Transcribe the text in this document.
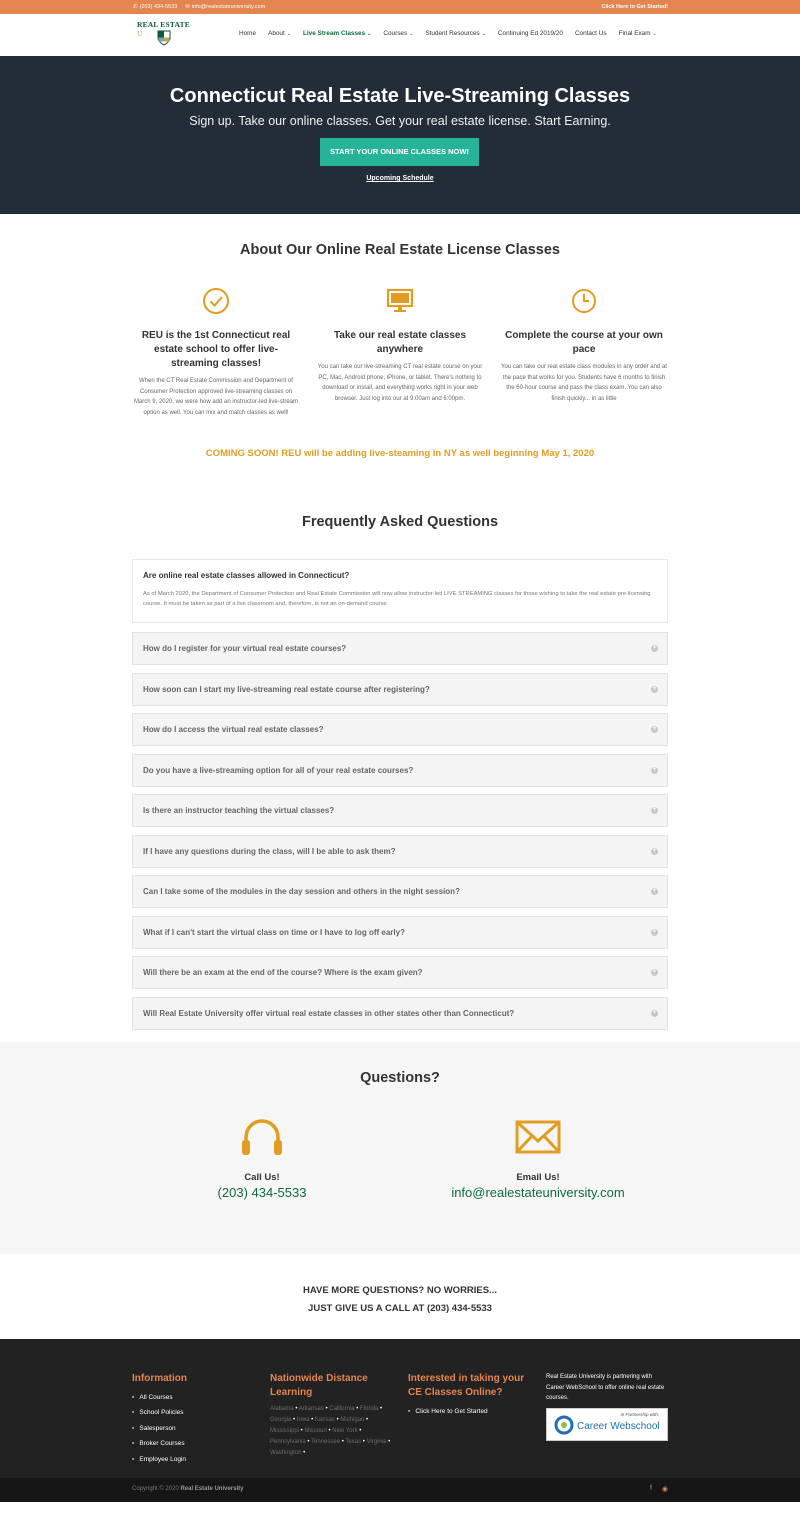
✆ (203) 434-5533 ✉ info@realestateuniversity.com	Click Here to Get Started!
REAL ESTATE U	Home About ⌄ Live Stream Classes ⌄ Courses ⌄ Student Resources ⌄ Continuing Ed 2019/20 Contact Us Final Exam ⌄
Connecticut Real Estate Live-Streaming Classes
Sign up. Take our online classes. Get your real estate license. Start Earning.
START YOUR ONLINE CLASSES NOW!
Upcoming Schedule
About Our Online Real Estate License Classes
REU is the 1st Connecticut real estate school to offer live-streaming classes!

When the CT Real Estate Commission and Department of Consumer Protection approved live-streaming classes on March 9, 2020, we were how add an instructor-led live-stream option as well. You can mix and match classes as well!

Take our real estate classes anywhere

You can take our live-streaming CT real estate course on your PC, Mac, Android phone, iPhone, or tablet. There's nothing to download or install, and everything works right in your web browser. Just log into our at 9:00am and 6:00pm.

Complete the course at your own pace

You can take our real estate class modules in any order and at the pace that works for you. Students have 6 months to finish the 60-hour course and pass the class exam. You can also finish quickly... in as little

COMING SOON! REU will be adding live-steaming in NY as well beginning May 1, 2020
Frequently Asked Questions
Are online real estate classes allowed in Connecticut?
As of March 2020, the Department of Consumer Protection and Real Estate Commission will now allow instructor-led LIVE STREAMING classes for those wishing to take the real estate pre-licensing course. It must be taken as part of a live classroom and, therefore, is not an on-demand course.
How do I register for your virtual real estate courses?	+
How soon can I start my live-streaming real estate course after registering?	+
How do I access the virtual real estate classes?	+
Do you have a live-streaming option for all of your real estate courses?	+
Is there an instructor teaching the virtual classes?	+
If I have any questions during the class, will I be able to ask them?	+
Can I take some of the modules in the day session and others in the night session?	+
What if I can't start the virtual class on time or I have to log off early?	+
Will there be an exam at the end of the course? Where is the exam given?	+
Will Real Estate University offer virtual real estate classes in other states other than Connecticut?	+
Questions?
Call Us!
(203) 434-5533
Email Us!
info@realestateuniversity.com
HAVE MORE QUESTIONS? NO WORRIES...
JUST GIVE US A CALL AT (203) 434-5533
Information
■ All Courses
■ School Policies
■ Salesperson
■ Broker Courses
■ Employee Login
Nationwide Distance Learning
Alabama • Arkansas • California • Florida • Georgia • Iowa • Kansas • Michigan • Mississippi • Missouri • New York • Pennsylvania • Tennessee • Texas • Virginia • Washington •
Interested in taking your CE Classes Online?
■ Click Here to Get Started
Real Estate University is partnering with Career WebSchool to offer online real estate courses.
In Partnership with:
Career Webschool
Copyright © 2020 Real Estate University	f ◉
